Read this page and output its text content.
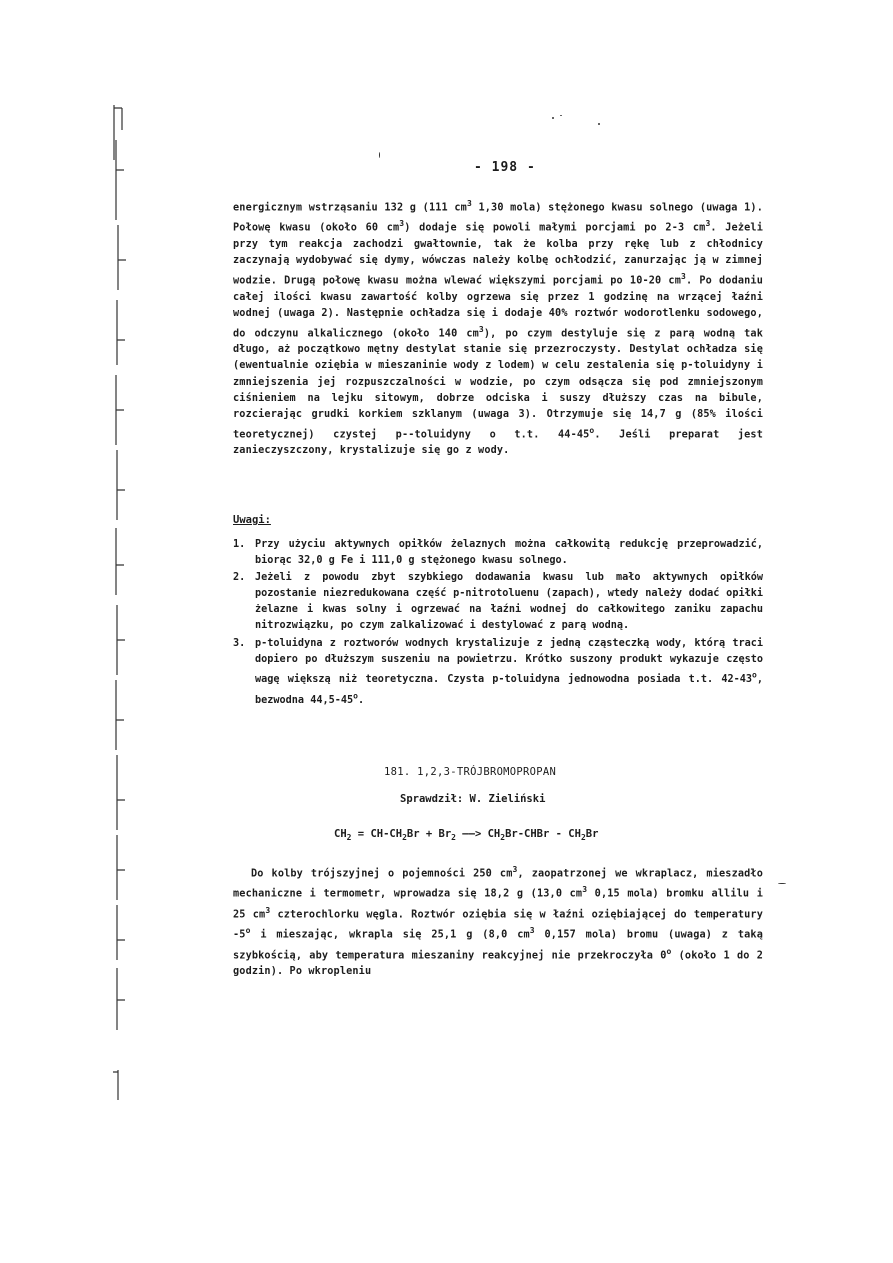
- 198 -

energicznym wstrząsaniu 132 g (111 $cm^3$ 1,30 mola) stężonego kwasu solnego (uwaga 1). Połowę kwasu (około 60 $cm^3$) dodaje się powoli małymi porcjami po 2-3 $cm^3$. Jeżeli przy tym reakcja zachodzi gwałtownie, tak że kolba przy rękę lub z chłodnicy zaczynają wydobywać się dymy, wówczas należy kolbę ochłodzić, zanurzając ją w zimnej wodzie. Drugą połowę kwasu można wlewać większymi porcjami po 10-20 $cm^3$. Po dodaniu całej ilości kwasu zawartość kolby ogrzewa się przez 1 godzinę na wrzącej łaźni wodnej (uwaga 2). Następnie ochładza się i dodaje 40% roztwór wodorotlenku sodowego, do odczynu alkalicznego (około 140 $cm^3$), po czym destyluje się z parą wodną tak długo, aż początkowo mętny destylat stanie się przezroczysty. Destylat ochładza się (ewentualnie oziębia w mieszaninie wody z lodem) w celu zestalenia się p-toluidyny i zmniejszenia jej rozpuszczalności w wodzie, po czym odsącza się pod zmniejszonym ciśnieniem na lejku sitowym, dobrze odciska i suszy dłuższy czas na bibule, rozcierając grudki korkiem szklanym (uwaga 3). Otrzymuje się 14,7 g (85% ilości teoretycznej) czystej p--toluidyny o t.t. 44-45$^o$. Jeśli preparat jest zanieczyszczony, krystalizuje się go z wody.

Uwagi:
1. Przy użyciu aktywnych opiłków żelaznych można całkowitą redukcję przeprowadzić, biorąc 32,0 g Fe i 111,0 g stężonego kwasu solnego.
2. Jeżeli z powodu zbyt szybkiego dodawania kwasu lub mało aktywnych opiłków pozostanie niezredukowana część p-nitrotoluenu (zapach), wtedy należy dodać opiłki żelazne i kwas solny i ogrzewać na łaźni wodnej do całkowitego zaniku zapachu nitrozwiązku, po czym zalkalizować i destylować z parą wodną.
3. p-toluidyna z roztworów wodnych krystalizuje z jedną cząsteczką wody, którą traci dopiero po dłuższym suszeniu na powietrzu. Krótko suszony produkt wykazuje często wagę większą niż teoretyczna. Czysta p-toluidyna jednowodna posiada t.t. 42-43$^o$, bezwodna 44,5-45$^o$.
181. 1,2,3-TRÓJBROMOPROPAN
Sprawdził: W. Zieliński
$CH_2 = CH-CH_2Br + Br_2$ ——> $CH_2Br$-CHBr - $CH_2Br$

Do kolby trójszyjnej o pojemności 250 $cm^3$, zaopatrzonej we wkraplacz, mieszadło mechaniczne i termometr, wprowadza się 18,2 g (13,0 $cm^3$ 0,15 mola) bromku allilu i 25 $cm^3$ czterochlorku węgla. Roztwór oziębia się w łaźni oziębiającej do temperatury -5$^o$ i mieszając, wkrapla się 25,1 g (8,0 $cm^3$ 0,157 mola) bromu (uwaga) z taką szybkością, aby temperatura mieszaniny reakcyjnej nie przekroczyła 0$^o$ (około 1 do 2 godzin). Po wkropleniu
